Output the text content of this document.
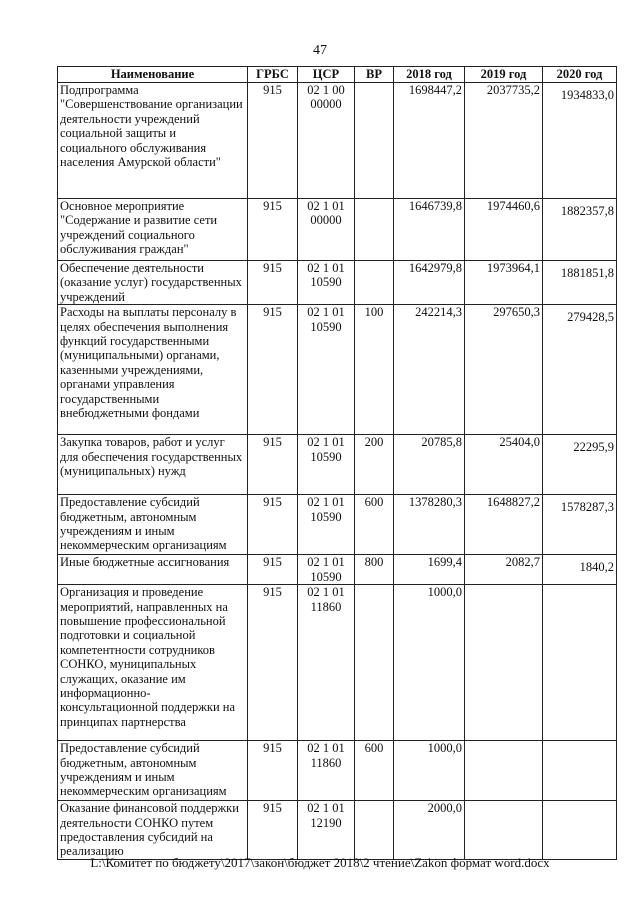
47
Наименование	ГРБС	ЦСР	ВР	2018 год	2019 год	2020 год
Подпрограмма "Совершенствование организации деятельности учреждений социальной защиты и социального обслуживания населения Амурской области"	915	02 1 00 00000		1698447,2	2037735,2	1934833,0
Основное мероприятие "Содержание и развитие сети учреждений социального обслуживания граждан"	915	02 1 01 00000		1646739,8	1974460,6	1882357,8
Обеспечение деятельности (оказание услуг) государственных учреждений	915	02 1 01 10590		1642979,8	1973964,1	1881851,8
Расходы на выплаты персоналу в целях обеспечения выполнения функций государственными (муниципальными) органами, казенными учреждениями, органами управления государственными внебюджетными фондами	915	02 1 01 10590	100	242214,3	297650,3	279428,5
Закупка товаров, работ и услуг для обеспечения государственных (муниципальных) нужд	915	02 1 01 10590	200	20785,8	25404,0	22295,9
Предоставление субсидий бюджетным, автономным учреждениям и иным некоммерческим организациям	915	02 1 01 10590	600	1378280,3	1648827,2	1578287,3
Иные бюджетные ассигнования	915	02 1 01 10590	800	1699,4	2082,7	1840,2
Организация и проведение мероприятий, направленных на повышение профессиональной подготовки и социальной компетентности сотрудников СОНКО, муниципальных служащих, оказание им информационно-консультационной поддержки на принципах партнерства	915	02 1 01 11860		1000,0		
Предоставление субсидий бюджетным, автономным учреждениям и иным некоммерческим организациям	915	02 1 01 11860	600	1000,0		
Оказание финансовой поддержки деятельности СОНКО путем предоставления субсидий на реализацию	915	02 1 01 12190		2000,0		
L:\Комитет по бюджету\2017\закон\бюджет 2018\2 чтение\Zakon формат word.docx
